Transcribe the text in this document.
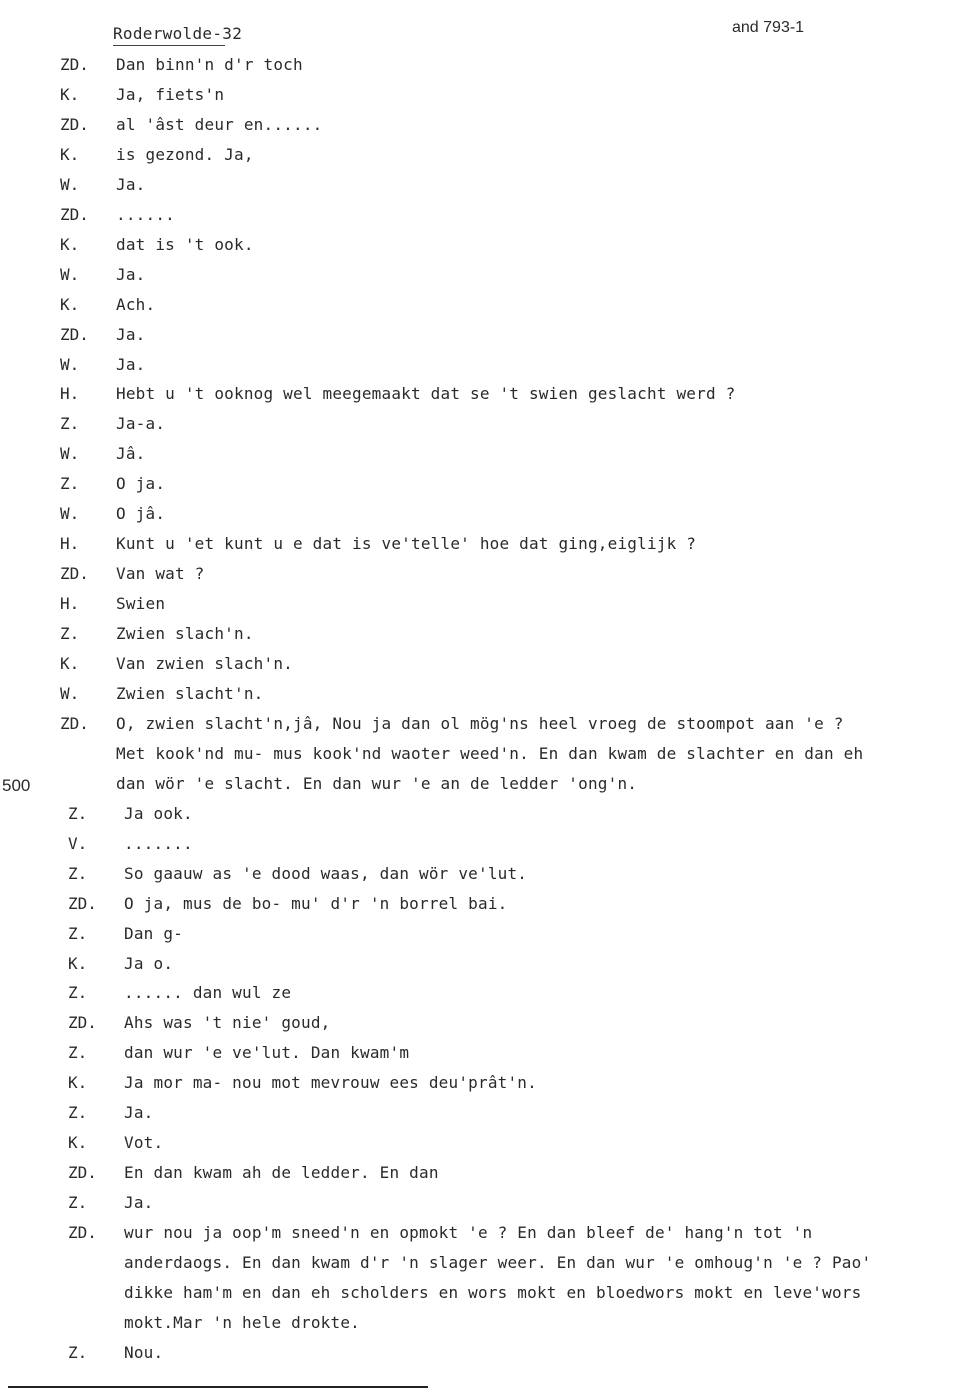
Roderwolde-32	and 793-1
500
ZD. Dan binn'n d'r toch
K. Ja, fiets'n
ZD. al 'âst deur en......
K. is gezond. Ja,
W. Ja.
ZD. ......
K. dat is 't ook.
W. Ja.
K. Ach.
ZD. Ja.
W. Ja.
H. Hebt u 't ooknog wel meegemaakt dat se 't swien geslacht werd ?
Z. Ja-a.
W. Jâ.
Z. O ja.
W. O jâ.
H. Kunt u 'et kunt u e dat is ve'telle' hoe dat ging,eiglijk ?
ZD. Van wat ?
H. Swien
Z. Zwien slach'n.
K. Van zwien slach'n.
W. Zwien slacht'n.
ZD. O, zwien slacht'n,jâ, Nou ja dan ol mög'ns heel vroeg de stoompot aan 'e ?
Met kook'nd mu- mus kook'nd waoter weed'n. En dan kwam de slachter en dan eh
dan wör 'e slacht. En dan wur 'e an de ledder 'ong'n.
Z. Ja ook.
V. .......
Z. So gaauw as 'e dood waas, dan wör ve'lut.
ZD. O ja, mus de bo- mu' d'r 'n borrel bai.
Z. Dan g-
K. Ja o.
Z. ...... dan wul ze
ZD. Ahs was 't nie' goud,
Z. dan wur 'e ve'lut. Dan kwam'm
K. Ja mor ma- nou mot mevrouw ees deu'prât'n.
Z. Ja.
K. Vot.
ZD. En dan kwam ah de ledder. En dan
Z. Ja.
ZD. wur nou ja oop'm sneed'n en opmokt 'e ? En dan bleef de' hang'n tot 'n
anderdaogs. En dan kwam d'r 'n slager weer. En dan wur 'e omhoug'n 'e ? Pao'
dikke ham'm en dan eh scholders en wors mokt en bloedwors mokt en leve'wors
mokt.Mar 'n hele drokte.
Z. Nou.
